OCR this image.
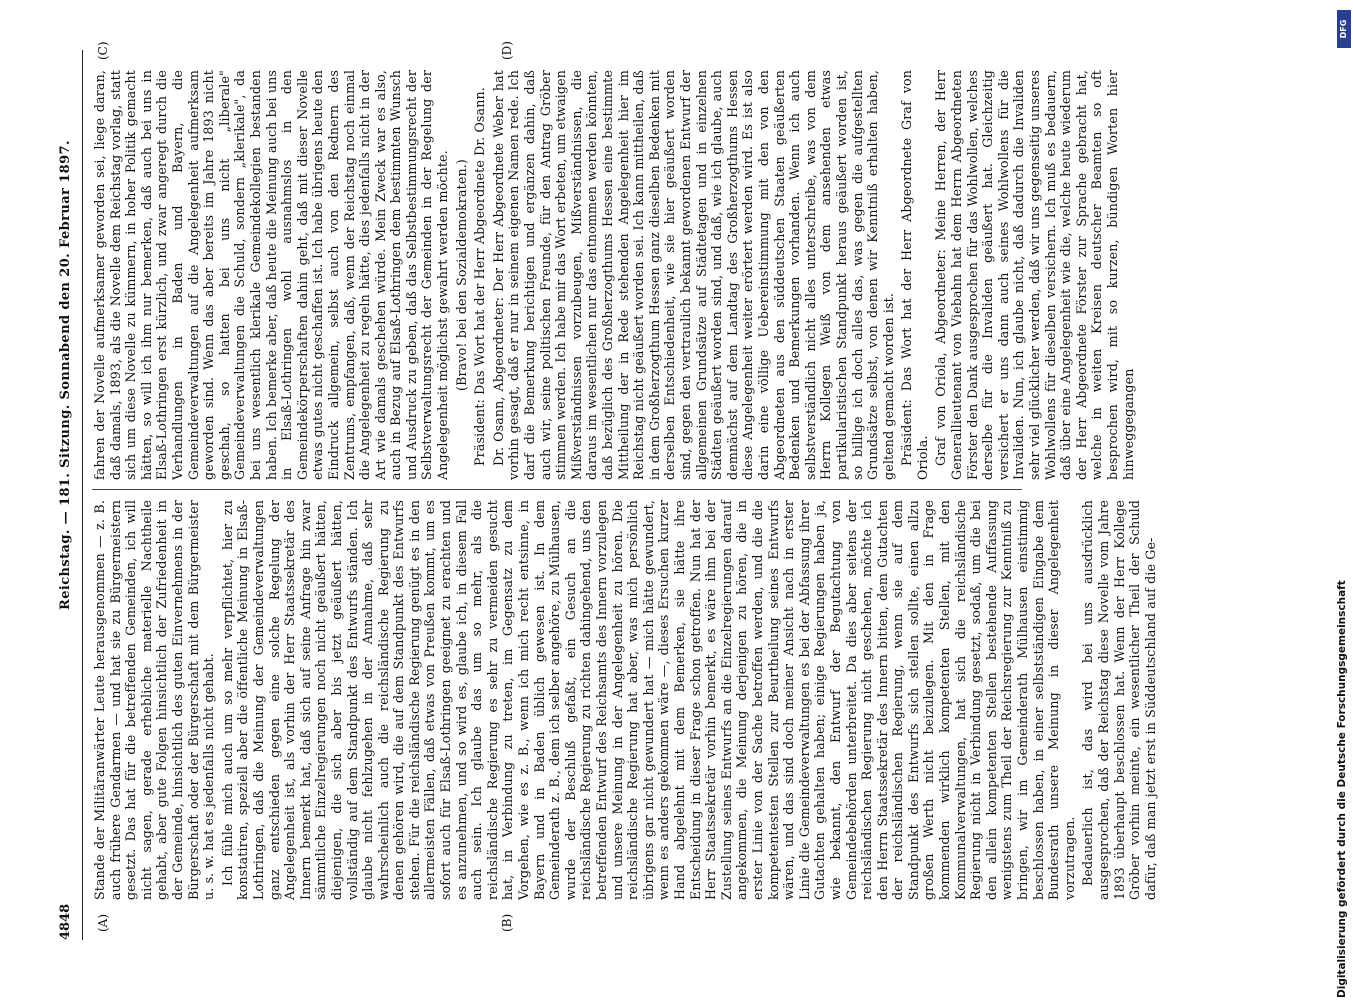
4848
Reichstag. — 181. Sitzung. Sonnabend den 20. Februar 1897.
(A)	(B)
(C)	(D)

Stande der Militäranwärter Leute herausgenommen — z. B. auch frühere Gendarmen — und hat sie zu Bürgermeistern gesetzt. Das hat für die betreffenden Gemeinden, ich will nicht sagen, gerade erhebliche materielle Nachtheile gehabt, aber gute Folgen hinsichtlich der Zufriedenheit in der Gemeinde, hinsichtlich des guten Einvernehmens in der Bürgerschaft oder der Bürgerschaft mit dem Bürgermeister u. s. w. hat es jedenfalls nicht gehabt. Ich fühle mich auch um so mehr verpflichtet, hier zu konstatiren, speziell aber die öffentliche Meinung in Elsaß-Lothringen, daß die Meinung der Gemeindeverwaltungen ganz entschieden gegen eine solche Regelung der Angelegenheit ist, als vorhin der Herr Staatssekretär des Innern bemerkt hat, daß sich auf seine Anfrage hin zwar sämmtliche Einzelregierungen noch nicht geäußert hätten, diejenigen, die sich aber bis jetzt geäußert hätten, vollständig auf dem Standpunkt des Entwurfs ständen. Ich glaube nicht fehlzugehen in der Annahme, daß sehr wahrscheinlich auch die reichsländische Regierung zu denen gehören wird, die auf dem Standpunkt des Entwurfs stehen. Für die reichsländische Regierung genügt es in den allermeisten Fällen, daß etwas von Preußen kommt, um es sofort auch für Elsaß-Lothringen geeignet zu erachten und es anzunehmen, und so wird es, glaube ich, in diesem Fall auch sein. Ich glaube das um so mehr, als die reichsländische Regierung es sehr zu vermeiden gesucht hat, in Verbindung zu treten, im Gegensatz zu dem Vorgehen, wie es z. B., wenn ich mich recht entsinne, in Bayern und in Baden üblich gewesen ist. In dem Gemeinderath z. B., dem ich selber angehöre, zu Mülhausen, wurde der Beschluß gefaßt, ein Gesuch an die reichsländische Regierung zu richten dahingehend, uns den betreffenden Entwurf des Reichsamts des Innern vorzulegen und unsere Meinung in der Angelegenheit zu hören. Die reichsländische Regierung hat aber, was mich persönlich übrigens gar nicht gewundert hat — mich hätte gewundert, wenn es anders gekommen wäre —, dieses Ersuchen kurzer Hand abgelehnt mit dem Bemerken, sie hätte ihre Entscheidung in dieser Frage schon getroffen. Nun hat der Herr Staatssekretär vorhin bemerkt, es wäre ihm bei der Zustellung seines Entwurfs an die Einzelregierungen darauf angekommen, die Meinung derjenigen zu hören, die in erster Linie von der Sache betroffen werden, und die die kompetentesten Stellen zur Beurtheilung seines Entwurfs wären, und das sind doch meiner Ansicht nach in erster Linie die Gemeindeverwaltungen es bei der Abfassung ihrer Gutachten gehalten haben; einige Regierungen haben ja, wie bekannt, den Entwurf der Begutachtung von Gemeindebehörden unterbreitet. Da dies aber seitens der reichsländischen Regierung nicht geschehen, möchte ich den Herrn Staatssekretär des Innern bitten, dem Gutachten der reichsländischen Regierung, wenn sie auf dem Standpunkt des Entwurfs sich stellen sollte, einen allzu großen Werth nicht beizulegen. Mit den in Frage kommenden wirklich kompetenten Stellen, mit den Kommunalverwaltungen, hat sich die reichsländische Regierung nicht in Verbindung gesetzt, sodaß, um die bei den allein kompetenten Stellen bestehende Auffassung wenigstens zum Theil der Reichsregierung zur Kenntniß zu bringen, wir im Gemeinderath Mülhausen einstimmig beschlossen haben, in einer selbstständigen Eingabe dem Bundesrath unsere Meinung in dieser Angelegenheit vorzutragen. Bedauerlich ist, das wird bei uns ausdrücklich ausgesprochen, daß der Reichstag diese Novelle vom Jahre 1893 überhaupt beschlossen hat. Wenn der Herr Kollege Gröber vorhin meinte, ein wesentlicher Theil der Schuld dafür, daß man jetzt erst in Süddeutschland auf die Ge-

fahren der Novelle aufmerksamer geworden sei, liege daran, daß damals, 1893, als die Novelle dem Reichstag vorlag, statt sich um diese Novelle zu kümmern, in hoher Politik gemacht hätten, so will ich ihm nur bemerken, daß auch bei uns in Elsaß-Lothringen erst kürzlich, und zwar angeregt durch die Verhandlungen in Baden und Bayern, die Gemeindeverwaltungen auf die Angelegenheit aufmerksam geworden sind. Wenn das aber bereits im Jahre 1893 nicht geschah, so hatten bei uns nicht „liberale" Gemeindeverwaltungen die Schuld, sondern „klerikale", da bei uns wesentlich klerikale Gemeindekollegien bestanden haben. Ich bemerke aber, daß heute die Meinung auch bei uns in Elsaß-Lothringen wohl ausnahmslos in den Gemeindekörperschaften dahin geht, daß mit dieser Novelle etwas gutes nicht geschaffen ist. Ich habe übrigens heute den Eindruck allgemein, selbst auch von den Rednern des Zentrums, empfangen, daß, wenn der Reichstag noch einmal die Angelegenheit zu regeln hätte, dies jedenfalls nicht in der Art wie damals geschehen würde. Mein Zweck war es also, auch in Bezug auf Elsaß-Lothringen dem bestimmten Wunsch und Ausdruck zu geben, daß das Selbstbestimmungsrecht der Selbstverwaltungsrecht der Gemeinden in der Regelung der Angelegenheit möglichst gewahrt werden möchte. (Bravo! bei den Sozialdemokraten.) Präsident: Das Wort hat der Herr Abgeordnete Dr. Osann. Dr. Osann, Abgeordneter: Der Herr Abgeordnete Weber hat vorhin gesagt, daß er nur in seinem eigenen Namen rede. Ich darf die Bemerkung berichtigen und ergänzen dahin, daß auch wir, seine politischen Freunde, für den Antrag Gröber stimmen werden. Ich habe mir das Wort erbeten, um etwaigen Mißverständnissen vorzubeugen, Mißverständnissen, die daraus im wesentlichen nur das entnommen werden könnten, daß bezüglich des Großherzogthums Hessen eine bestimmte Mittheilung der in Rede stehenden Angelegenheit hier im Reichstag nicht geäußert worden sei. Ich kann mittheilen, daß in dem Großherzogthum Hessen ganz dieselben Bedenken mit derselben Entschiedenheit, wie sie hier geäußert worden sind, gegen den vertraulich bekannt gewordenen Entwurf der allgemeinen Grundsätze auf Städtetagen und in einzelnen Städten geäußert worden sind, und daß, wie ich glaube, auch demnächst auf dem Landtag des Großherzogthums Hessen diese Angelegenheit weiter erörtert werden wird. Es ist also darin eine völlige Uebereinstimmung mit den von den Abgeordneten aus den süddeutschen Staaten geäußerten Bedenken und Bemerkungen vorhanden. Wenn ich auch selbstverständlich nicht alles unterschreibe, was von dem Herrn Kollegen Weiß von dem ansehenden etwas partikularistischen Standpunkt heraus geäußert worden ist, so billige ich doch alles das, was gegen die aufgestellten Grundsätze selbst, von denen wir Kenntniß erhalten haben, geltend gemacht worden ist. Präsident: Das Wort hat der Herr Abgeordnete Graf von Oriola. Graf von Oriola, Abgeordneter: Meine Herren, der Herr Generallieutenant von Viebahn hat dem Herrn Abgeordneten Förster den Dank ausgesprochen für das Wohlwollen, welches derselbe für die Invaliden geäußert hat. Gleichzeitig versichert er uns dann auch seines Wohlwollens für die Invaliden. Nun, ich glaube nicht, daß dadurch die Invaliden sehr viel glücklicher werden, daß wir uns gegenseitig unseres Wohlwollens für dieselben versichern. Ich muß es bedauern, daß über eine Angelegenheit wie die, welche heute wiederum der Herr Abgeordnete Förster zur Sprache gebracht hat, welche in weiten Kreisen deutscher Beamten so oft besprochen wird, mit so kurzen, bündigen Worten hier hinweggegangen

Digitalisierung gefördert durch die Deutsche Forschungsgemeinschaft
DFG
